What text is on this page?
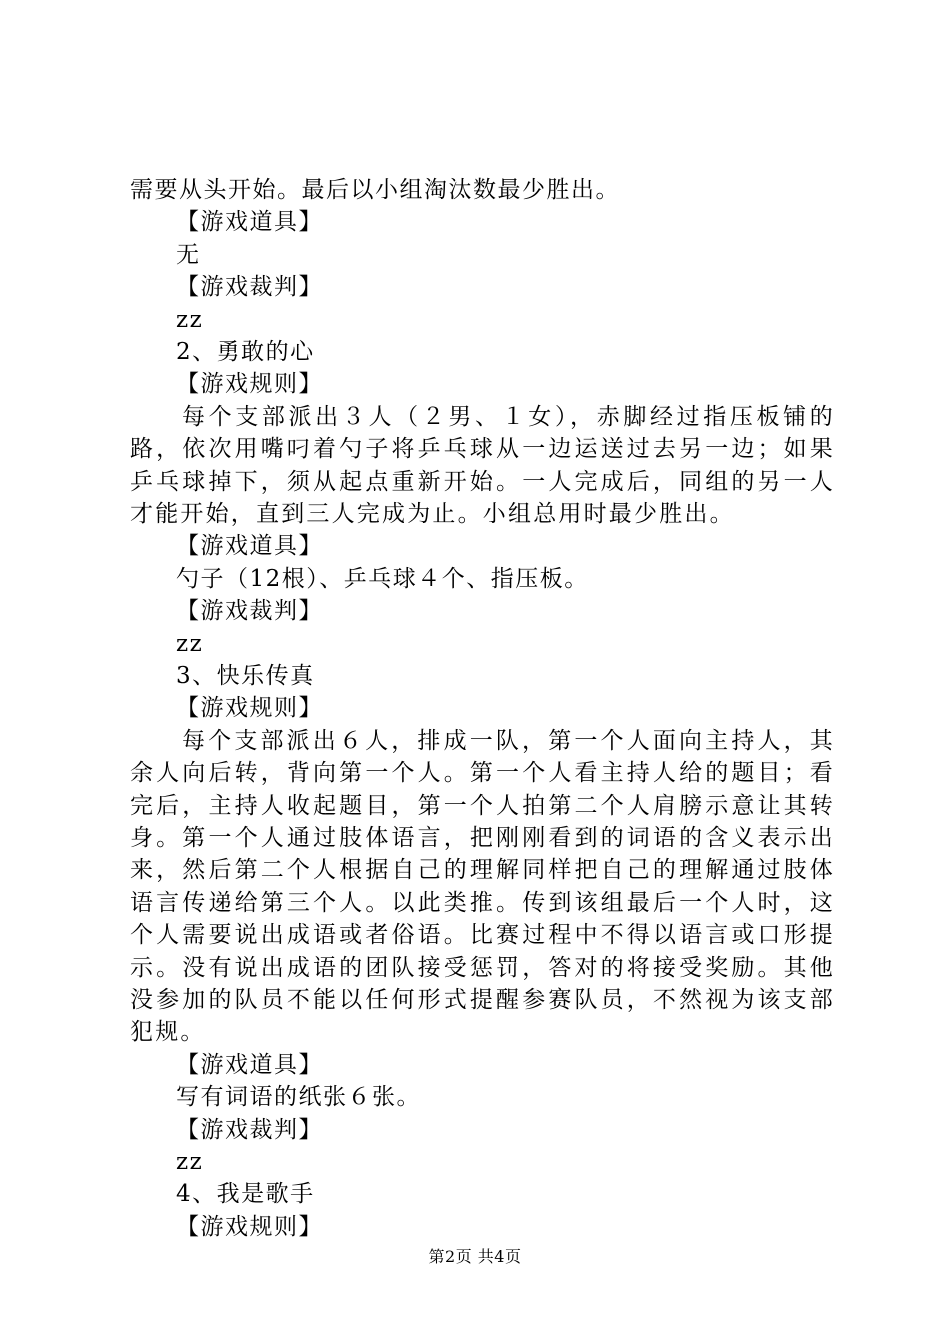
需要从头开始。最后以小组淘汰数最少胜出。
【游戏道具】
无
【游戏裁判】
zz
2、勇敢的心
【游戏规则】
每个支部派出３人（２男、１女），赤脚经过指压板铺的路，依次用嘴叼着勺子将乒乓球从一边运送过去另一边；如果乒乓球掉下，须从起点重新开始。一人完成后，同组的另一人才能开始，直到三人完成为止。小组总用时最少胜出。
【游戏道具】
勺子（12根）、乒乓球４个、指压板。
【游戏裁判】
zz
3、快乐传真
【游戏规则】
每个支部派出６人，排成一队，第一个人面向主持人，其余人向后转，背向第一个人。第一个人看主持人给的题目；看完后，主持人收起题目，第一个人拍第二个人肩膀示意让其转身。第一个人通过肢体语言，把刚刚看到的词语的含义表示出来，然后第二个人根据自己的理解同样把自己的理解通过肢体语言传递给第三个人。以此类推。传到该组最后一个人时，这个人需要说出成语或者俗语。比赛过程中不得以语言或口形提示。没有说出成语的团队接受惩罚，答对的将接受奖励。其他没参加的队员不能以任何形式提醒参赛队员，不然视为该支部犯规。
【游戏道具】
写有词语的纸张６张。
【游戏裁判】
zz
4、我是歌手
【游戏规则】
第2页 共4页
